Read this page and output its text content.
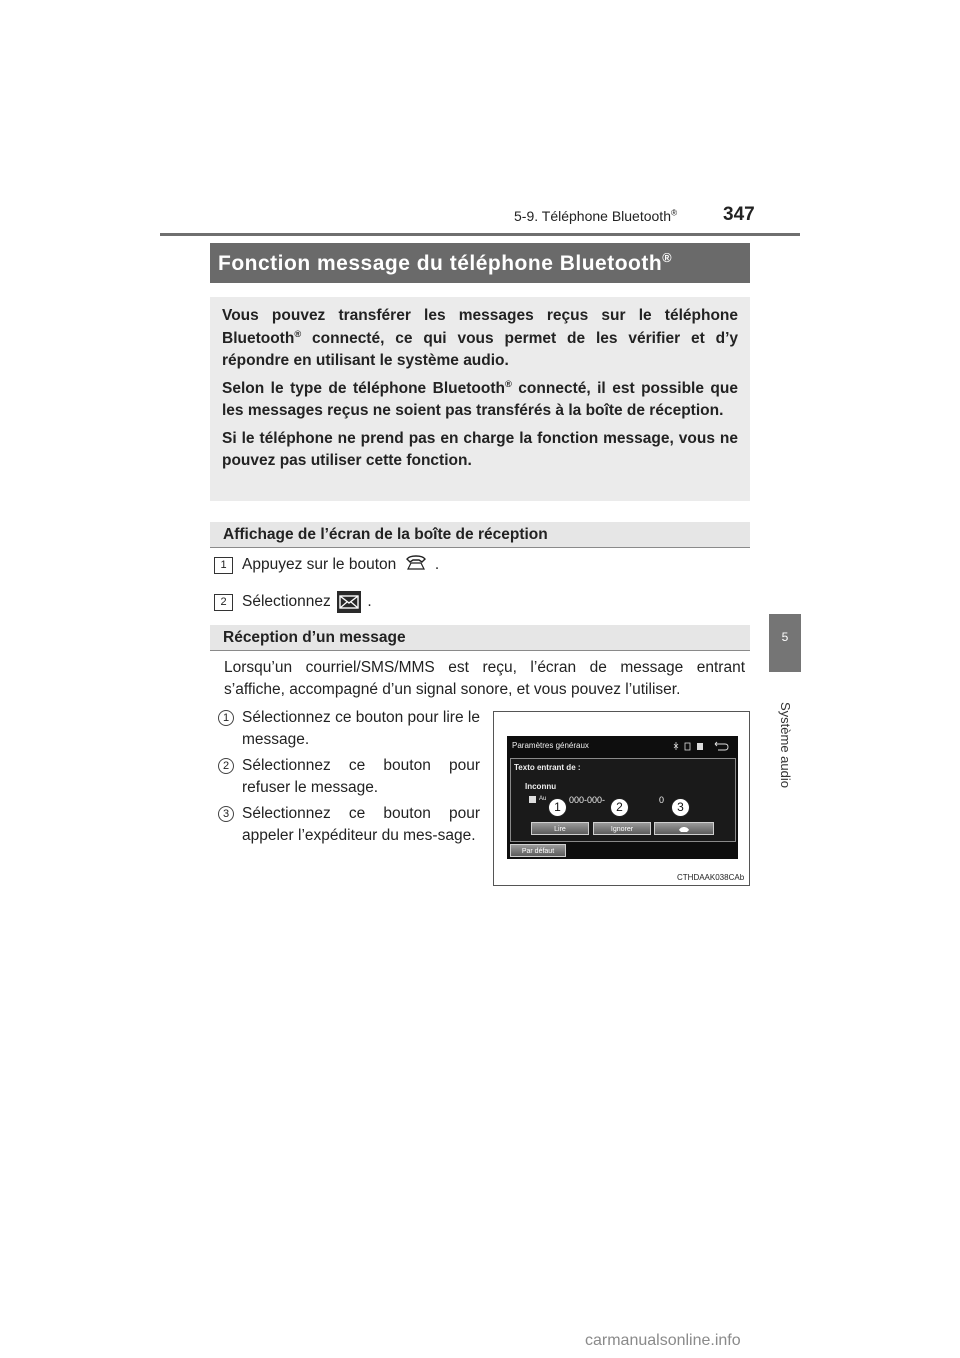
5-9. Téléphone Bluetooth® 347
5
Système audio
Fonction message du téléphone Bluetooth®

Vous pouvez transférer les messages reçus sur le téléphone Bluetooth® connecté, ce qui vous permet de les vérifier et d’y répondre en utilisant le système audio.

Selon le type de téléphone Bluetooth® connecté, il est possible que les messages reçus ne soient pas transférés à la boîte de réception.

Si le téléphone ne prend pas en charge la fonction message, vous ne pouvez pas utiliser cette fonction.

Affichage de l’écran de la boîte de réception
1 Appuyez sur le bouton .
2 Sélectionnez .
Réception d’un message
Lorsqu’un courriel/SMS/MMS est reçu, l’écran de message entrant s’affiche, accompagné d’un signal sonore, et vous pouvez l’utiliser.
1 Sélectionnez ce bouton pour lire le message.
2 Sélectionnez ce bouton pour refuser le message.
3 Sélectionnez ce bouton pour appeler l’expéditeur du mes-sage.
Paramètres généraux
Texto entrant de :
Inconnu
Au	000-000-	0
Lire	Ignorer
Par défaut
1	2	3
CTHDAAK038CAb
carmanualsonline.info
